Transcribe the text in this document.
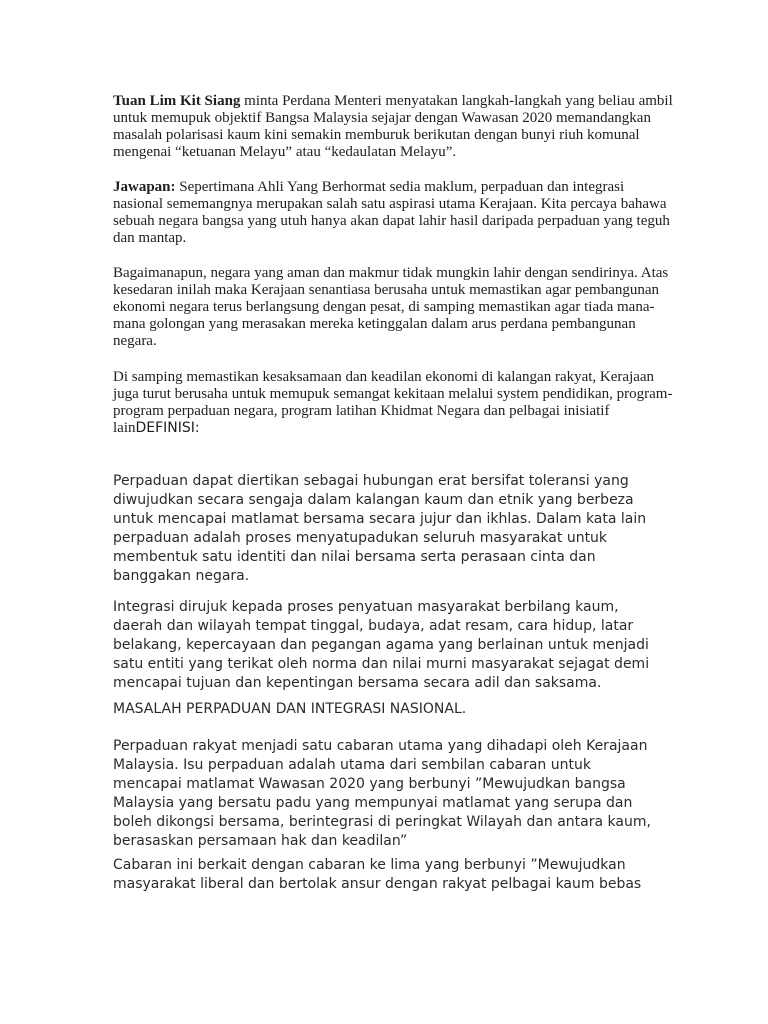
Tuan Lim Kit Siang minta Perdana Menteri menyatakan langkah-langkah yang beliau ambil untuk memupuk objektif Bangsa Malaysia sejajar dengan Wawasan 2020 memandangkan masalah polarisasi kaum kini semakin memburuk berikutan dengan bunyi riuh komunal mengenai “ketuanan Melayu” atau “kedaulatan Melayu”.

Jawapan: Sepertimana Ahli Yang Berhormat sedia maklum, perpaduan dan integrasi nasional sememangnya merupakan salah satu aspirasi utama Kerajaan. Kita percaya bahawa sebuah negara bangsa yang utuh hanya akan dapat lahir hasil daripada perpaduan yang teguh dan mantap.

Bagaimanapun, negara yang aman dan makmur tidak mungkin lahir dengan sendirinya. Atas kesedaran inilah maka Kerajaan senantiasa berusaha untuk memastikan agar pembangunan ekonomi negara terus berlangsung dengan pesat, di samping memastikan agar tiada mana-mana golongan yang merasakan mereka ketinggalan dalam arus perdana pembangunan negara.

Di samping memastikan kesaksamaan dan keadilan ekonomi di kalangan rakyat, Kerajaan juga turut berusaha untuk memupuk semangat kekitaan melalui system pendidikan, program-program perpaduan negara, program latihan Khidmat Negara dan pelbagai inisiatif lainDEFINISI:

Perpaduan dapat diertikan sebagai hubungan erat bersifat toleransi yang diwujudkan secara sengaja dalam kalangan kaum dan etnik yang berbeza untuk mencapai matlamat bersama secara jujur dan ikhlas. Dalam kata lain perpaduan adalah proses menyatupadukan seluruh masyarakat untuk membentuk satu identiti dan nilai bersama serta perasaan cinta dan banggakan negara.

Integrasi dirujuk kepada proses penyatuan masyarakat berbilang kaum, daerah dan wilayah tempat tinggal, budaya, adat resam, cara hidup, latar belakang, kepercayaan dan pegangan agama yang berlainan untuk menjadi satu entiti yang terikat oleh norma dan nilai murni masyarakat sejagat demi mencapai tujuan dan kepentingan bersama secara adil dan saksama.

MASALAH PERPADUAN DAN INTEGRASI NASIONAL.

Perpaduan rakyat menjadi satu cabaran utama yang dihadapi oleh Kerajaan Malaysia. Isu perpaduan adalah utama dari sembilan cabaran untuk mencapai matlamat Wawasan 2020 yang berbunyi ”Mewujudkan bangsa Malaysia yang bersatu padu yang mempunyai matlamat yang serupa dan boleh dikongsi bersama, berintegrasi di peringkat Wilayah dan antara kaum, berasaskan persamaan hak dan keadilan”

Cabaran ini berkait dengan cabaran ke lima yang berbunyi ”Mewujudkan masyarakat liberal dan bertolak ansur dengan rakyat pelbagai kaum bebas
